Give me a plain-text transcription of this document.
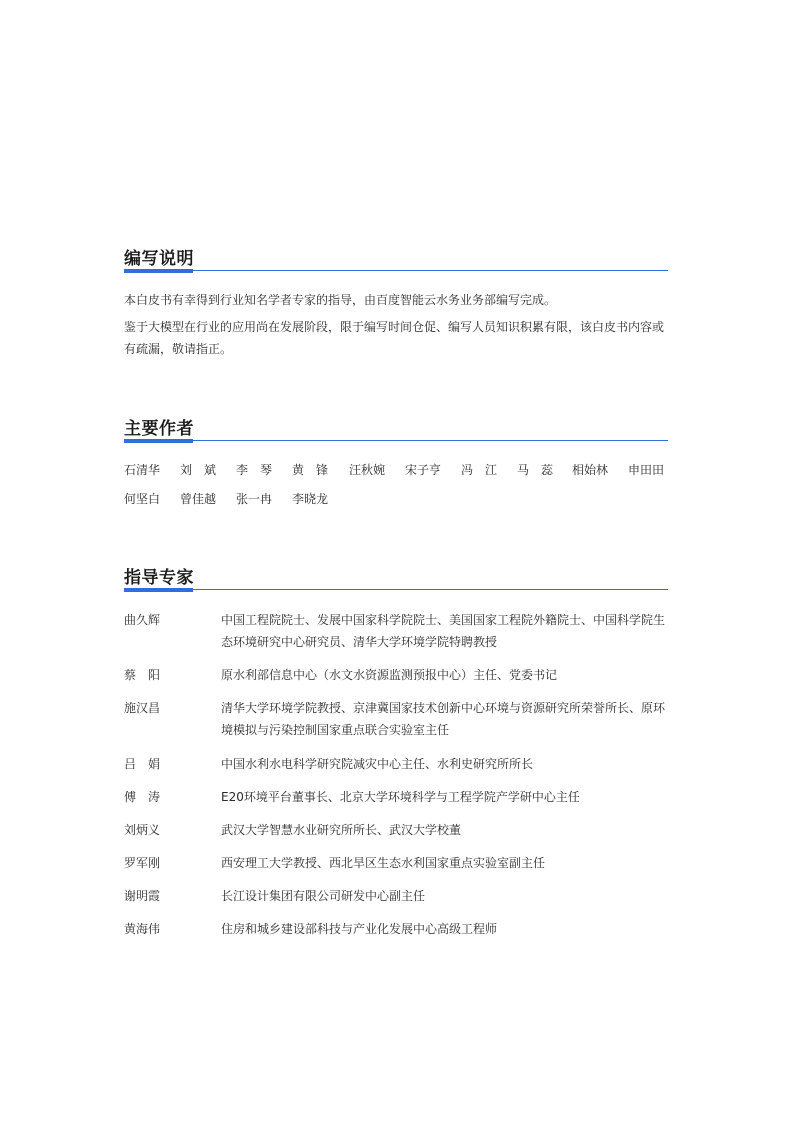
编写说明

本白皮书有幸得到行业知名学者专家的指导，由百度智能云水务业务部编写完成。

鉴于大模型在行业的应用尚在发展阶段，限于编写时间仓促、编写人员知识积累有限，该白皮书内容或有疏漏，敬请指正。

主要作者
石清华 刘　斌 李　琴 黄　锋 汪秋婉 宋子亨 冯　江 马　蕊 相始林 申田田
何坚白 曾佳越 张一冉 李晓龙
指导专家
曲久辉	中国工程院院士、发展中国家科学院院士、美国国家工程院外籍院士、中国科学院生态环境研究中心研究员、清华大学环境学院特聘教授
蔡　阳	原水利部信息中心（水文水资源监测预报中心）主任、党委书记
施汉昌	清华大学环境学院教授、京津冀国家技术创新中心环境与资源研究所荣誉所长、原环境模拟与污染控制国家重点联合实验室主任
吕　娟	中国水利水电科学研究院减灾中心主任、水利史研究所所长
傅　涛	E20环境平台董事长、北京大学环境科学与工程学院产学研中心主任
刘炳义	武汉大学智慧水业研究所所长、武汉大学校董
罗军刚	西安理工大学教授、西北旱区生态水利国家重点实验室副主任
谢明霞	长江设计集团有限公司研发中心副主任
黄海伟	住房和城乡建设部科技与产业化发展中心高级工程师
